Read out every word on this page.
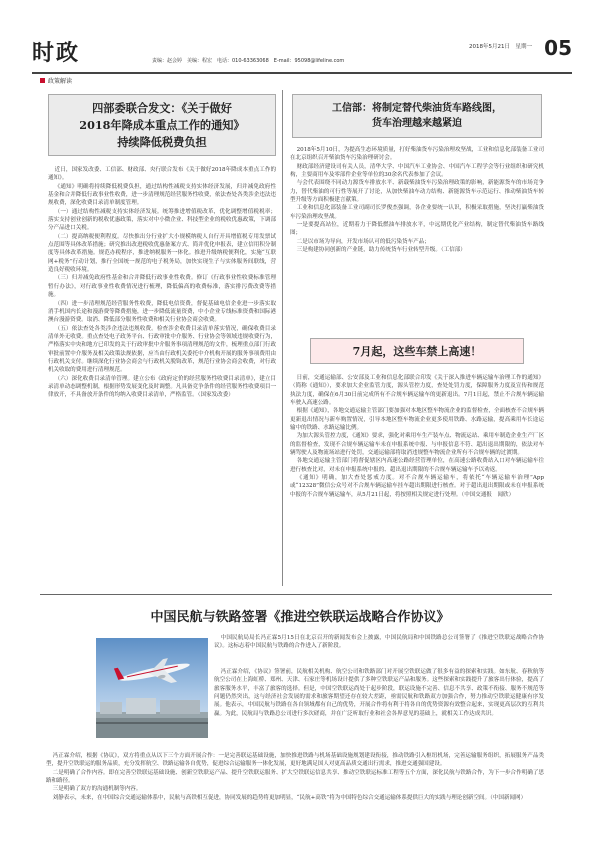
时政	责编：赵会婷　美编：程宏　电话：010-63363068　E-mail：95098@lifeline.com
2018年5月21日　星期一 05
政策解读
四部委联合发文：《关于做好
2018年降成本重点工作的通知》
持续降低税费负担

近日，国家发改委、工信部、财政部、央行联合发布《关于做好2018年降成本重点工作的通知》。

《通知》明确将持续降低税费负担，通过结构性减税支持实体经济发展，归并减免政府性基金和合并降低行政事业性收费，进一步清理规范经营服务性收费，依法查处各类涉企违法违规收费，深化收费目录清单制度管理。

（一）通过结构性减税支持实体经济发展。统筹推进增值税改革，优化调整增值税税率；落实支持创业创新的税收优惠政策，落实对中小微企业、科技型企业的税收优惠政策，下调部分产品进口关税。

（二）提高纳税便利程度。尽快推出分行业扩大小规模纳税人自行开具增值税专用发票试点范围等具体改革措施；研究推出改进税收优惠备案方式、简并优化申报表，建立信用积分制度等具体改革措施。规范办税程序，推进纳税服务一体化。推进升级纳税便利化，实施“互联网+税务”行动计划，推行全国统一规范的电子税务局，加快实现生子与实体服务间联线，营造良好税收环境。

（三）归并减免政府性基金和合并降低行政事业性收费。修订《行政事业性收费标准管理暂行办法》，对行政事业性收费情况进行梳理，降低偏高的收费标准，落实排污费改费等措施。

（四）进一步清理规范经营服务性收费，降低电信资费，督促基础电信企业进一步落实取消手机国内长途和漫游费等降费措施，进一步降低流量资费，中小企业专线标准资费和国际港澳台漫游资费。取消、降低部分服务性收费和相关行业协会商会收费。

（五）依法查处各类涉企违法违规收费。检查涉企收费目录清单落实情况，确保收费目录清单外无收费。重点查处电子政务平台、行政审批中介服务、行业协会等领域违规收费行为，严格落实中央和地方已印发的关于行政审批中介服务事项清理规范的文件，梳理重点部门行政审批前置中介服务及相关政策法规依据，应当由行政机关委托中介机构开展的服务事项费用由行政机关支付。继续深化行业协会商会与行政机关脱钩改革，规范行业协会商会收费，对行政机关收取的费用进行清理规范。

（六）深化收费目录清单管理。建立公布《政府定价的经营服务性收费目录清单》，建立目录清单动态调整机制，根据形势发展变化及时调整。凡具备竞争条件的经营服务性收费项目一律放开，不具备放开条件的均纳入收费目录清单，严格监管。（国家发改委）

工信部：将制定替代柴油货车路线图，
货车治理越来越紧迫

2018年5月10日，为提高生态环境质量，打好柴油货车污染治理攻坚战，工业和信息化部装备工业司在北京组织召开柴油货车污染治理研讨会。

财政部经济建设司有关人员，清华大学、中国汽车工业协会、中国汽车工程学会等行业组织和研究机构，主要商用车及零部件企业等单位的30余名代表参加了会议。

与会代表围绕不同动力源货车排放水平、新载柴油货车污染治理政策的影响，新能源货车的市场竞争力，替代柴油的可行性等展开了讨论，从加快柴油车动力结构、新能源货车示范运行、推动柴油货车转型升级等方面积极建言献策。

工业和信息化部装备工业司副司长罗俊杰强调，各企业要统一认识，积极采取措施，坚决打赢柴油货车污染治理攻坚战。

一是要提高站位，近期着力于降低燃油车排放水平，中远期优化产业结构，制定替代柴油货车路线图；

二是以市场为导向，开发市场认可的低污染货车产品；

三是构建协同创新的产业链，助力传统货车行业转型升级。（工信部）

7月起，这些车禁上高速！

日前，交通运输部、公安部及工业和信息化部联合印发《关于深入推进车辆运输车治理工作的通知》（简称《通知》），要求加大企业监管力度，源头管控力度，查处处罚力度，保障服务力度及宣传和规范执法力度，确保在6月30日前完成所有不合规车辆运输车的更新退出。7月1日起，禁止不合规车辆运输车驶入高速公路。

根据《通知》，各地交通运输主管部门要加强对本地区整车物流企业的监督检查，全面核查不合规车辆更新退出情况与新车购置情况，引导本地区整车物流企业更多使用铁路、水路运输，提高乘用车长途运输中的铁路、水路运输比例。

为加大源头管控力度，《通知》要求，强化对乘用车生产装车点、物流运站、乘用车制造企业生产厂区的监督检查，发现不合规车辆运输车未在申报系统中报、与申报信息不符、超出退出期限的，依法对车辆驾驶人及物流场站进行处罚，交通运输部将取消违规整车物流企业所有不合规车辆的过渡期。

各地交通运输主管部门将督促辖区内高速公路经营管理单位，在高速公路收费站入口对车辆运输车往进行核查比对，对未在申报系统中报的、超出退出期限的不合规车辆运输车予以劝返。

《通知》明确，加大查处惩戒力度。对不合规车辆运输车，将依托“车辆运输车治理”App或“12328”微信公众号对不合规车辆运输车挂车超出期限进行核查。对于超出退出期限或未在申报系统中报的不合规车辆运输车，从5月21日起，将按照相关规定进行处理。（中国交通报　闻欣）

中国民航与铁路签署《推进空铁联运战略合作协议》

中国民航局局长冯正霖5月15日在北京召开的新闻发布会上披露，中国民航局和中国铁路总公司签署了《推进空铁联运战略合作协议》。这标志着中国民航与铁路的合作进入了新阶段。

冯正霖介绍，《协议》签署前，民航相关机构、航空公司和铁路部门对开展空铁联运做了很多有益的探索和实践。如东航、春秋航等航空公司在上海虹桥、郑州、天津、石家庄等机场设计提供了多种空铁联运产品和服务。这些探索和实践提升了旅客出行体验，提高了旅客服务水平，丰富了旅客的选择。但是，中国空铁联运尚处于起步阶段，联运设施不完善、信息不共享、政策不衔接、服务不规范等问题仍然突出，这与经济社会发展的需求和旅客期望还存在较大差距，亟需民航和铁路双方加强合作，努力推动空铁联运健康有序发展。他表示，中国民航与铁路在各自领域都有自己的优势，开展合作将有利于将各自的优势资源有效整合起来，实现更高层次的互利共赢。为此，民航局与铁路总公司进行多次磋商，并在广泛听取行业和社会各界意见的基础上，就相关工作达成共识。

冯正霖介绍，根据《协议》，双方将重点从以下三个方面开展合作：一是完善联运基础设施，加快推进铁路与机场基础设施规划建设衔接，推动铁路引入枢纽机场，完善运输服务组织，拓展服务产品类型，提升空铁联运的服务品质，充分发挥航空、铁路运输各自优势，促进综合运输服务一体化发展，更好地满足国人对更高品质交通出行需求，推进交通强国建设。

二是明确了合作内容。即在完善空铁联运基础设施、创新空铁联运产品、提升空铁联运服务、扩大空铁联运信息共享、推动空铁联运标准工程等五个方面，深化民航与铁路合作，为下一步合作明确了思路和路径。

三是明确了双方的沟通机制等内容。

刘静表示，未来，在中国综合交通运输体系中，民航与高铁相互促进，协同发展的趋势将更加明显，“民航+高铁”将为中国特色综合交通运输体系提供巨大的实践与理论创新空间。（中国新闻网）
